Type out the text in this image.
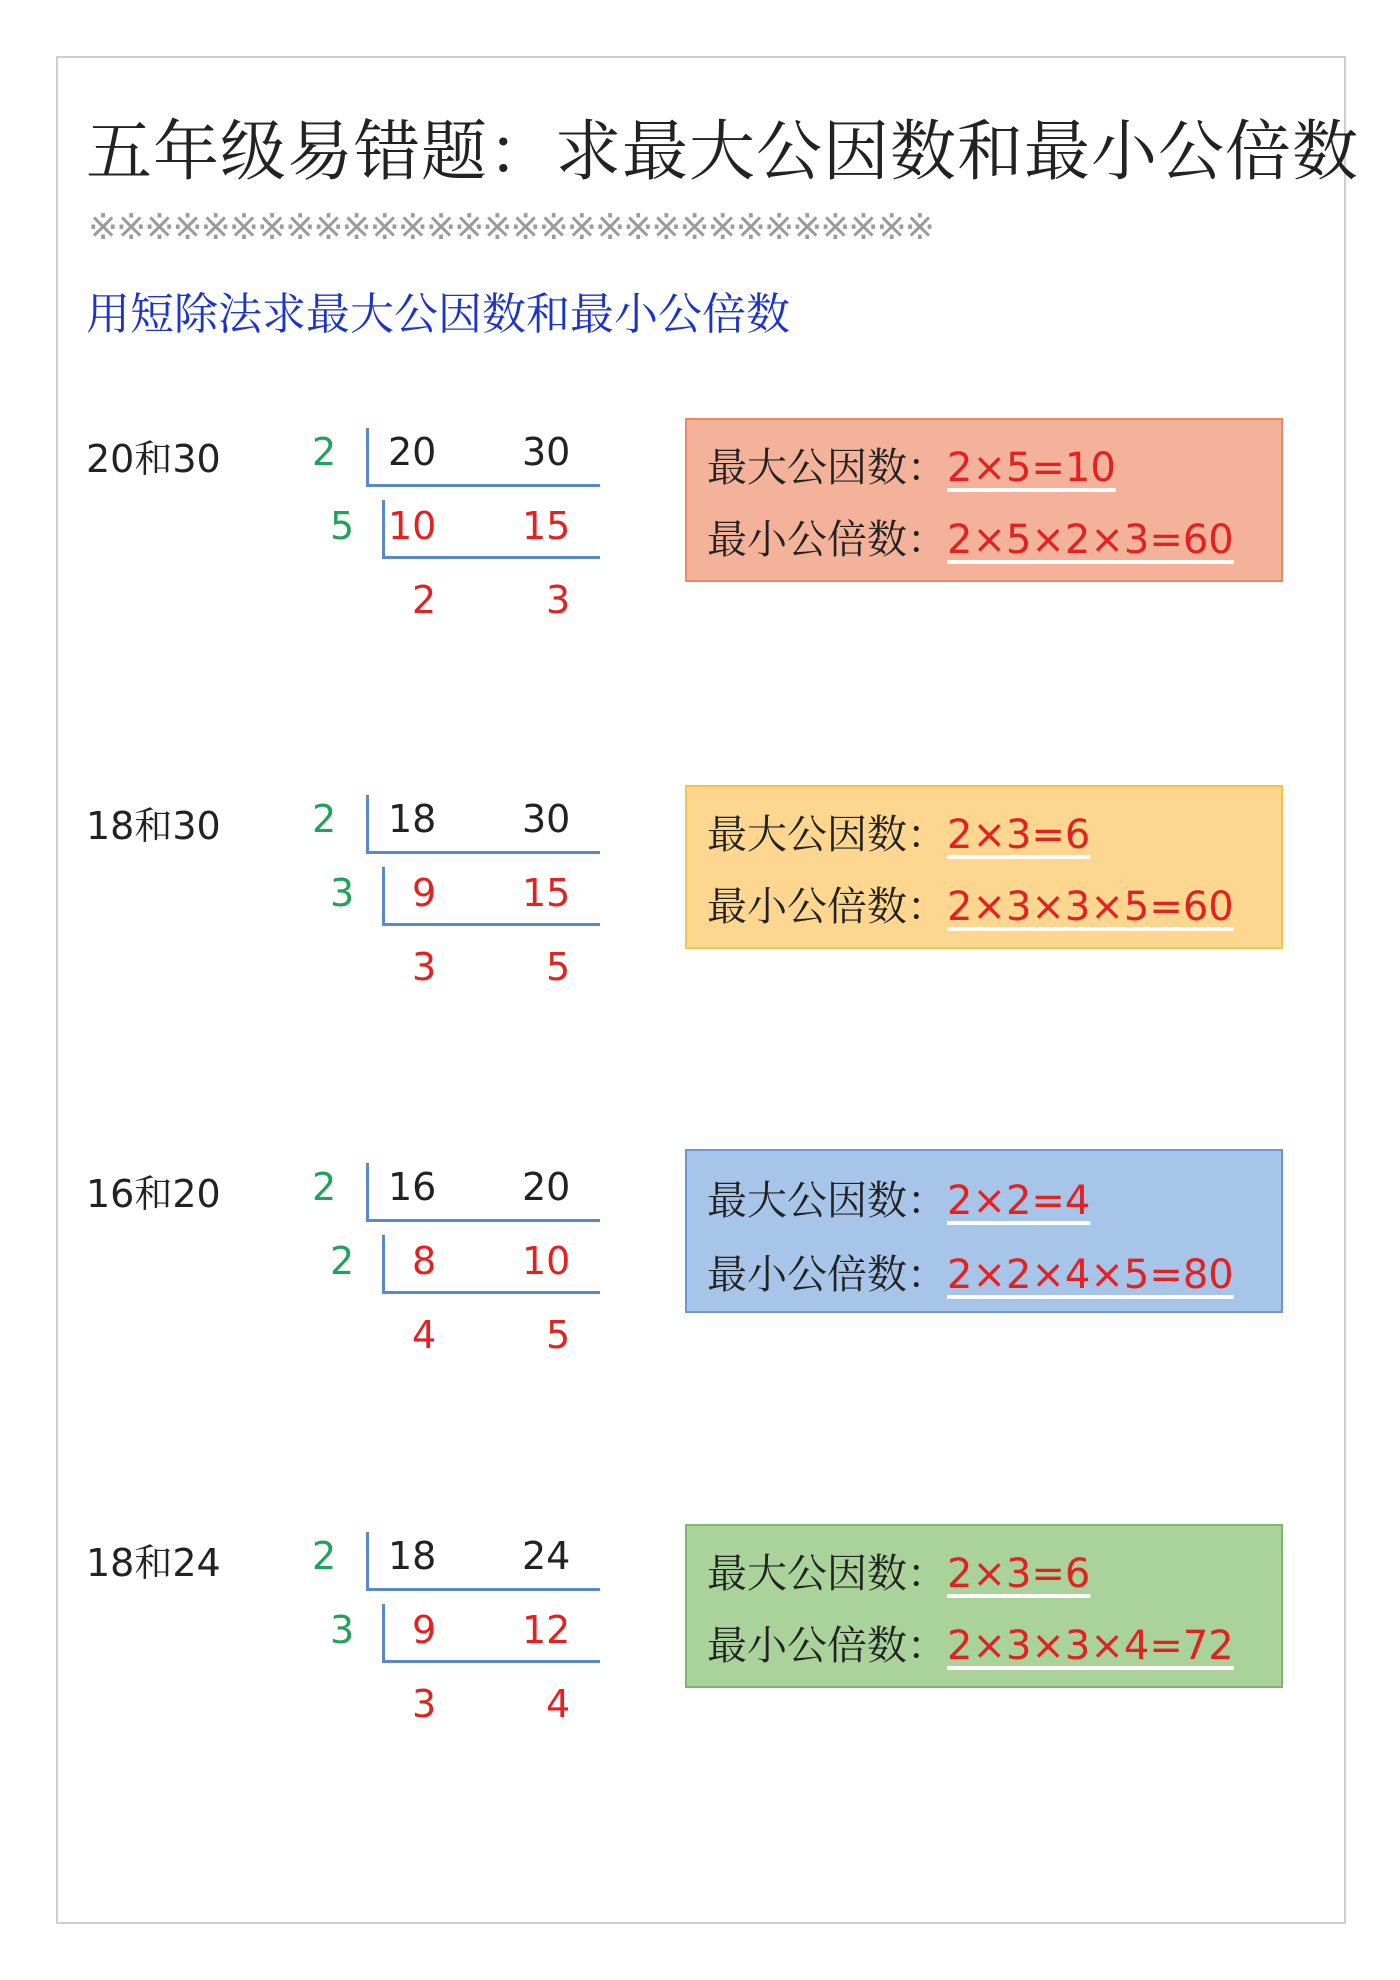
五年级易错题：求最大公因数和最小公倍数
※※※※※※※※※※※※※※※※※※※※※※※※※※※※※※
用短除法求最大公因数和最小公倍数
20和30 2 20 30
5 10 15
2	3
最大公因数：2×5=10
最小公倍数：2×5×2×3=60
18和30 2 18 30
3 9 15
3	5
最大公因数：2×3=6
最小公倍数：2×3×3×5=60
16和20 2 16 20
2 8 10
4	5
最大公因数：2×2=4
最小公倍数：2×2×4×5=80
18和24 2 18 24
3 9 12
3	4
最大公因数：2×3=6
最小公倍数：2×3×3×4=72
